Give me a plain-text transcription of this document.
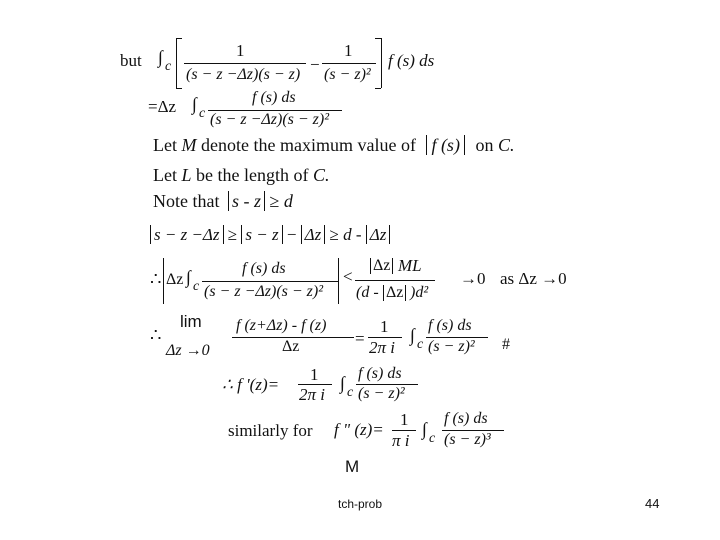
but ∫ c
1
(s − z −Δz)(s − z)
−
1
(s − z)²
f (s) ds
=Δz ∫ c
f (s) ds
(s − z −Δz)(s − z)²
Let M denote the maximum value of f (s) on C.
Let L be the length of C.
Note that s - z ≥ d
s − z −Δz ≥ s − z − Δz ≥ d - Δz
∴ Δz ∫ c
f (s) ds
(s − z −Δz)(s − z)²
<
Δz ML
(d - Δz )d²
→0 as Δz →0
∴
lim
Δz →0
f (z+Δz) - f (z)
Δz	=
1
2π i
∫ c
f (s) ds
(s − z)² #
∴ f '(z)=
1
2π i
∫ c
f (s) ds
(s − z)²
similarly for f " (z)=
1
π i
∫ c
f (s) ds
(s − z)³
M
tch-prob	44
